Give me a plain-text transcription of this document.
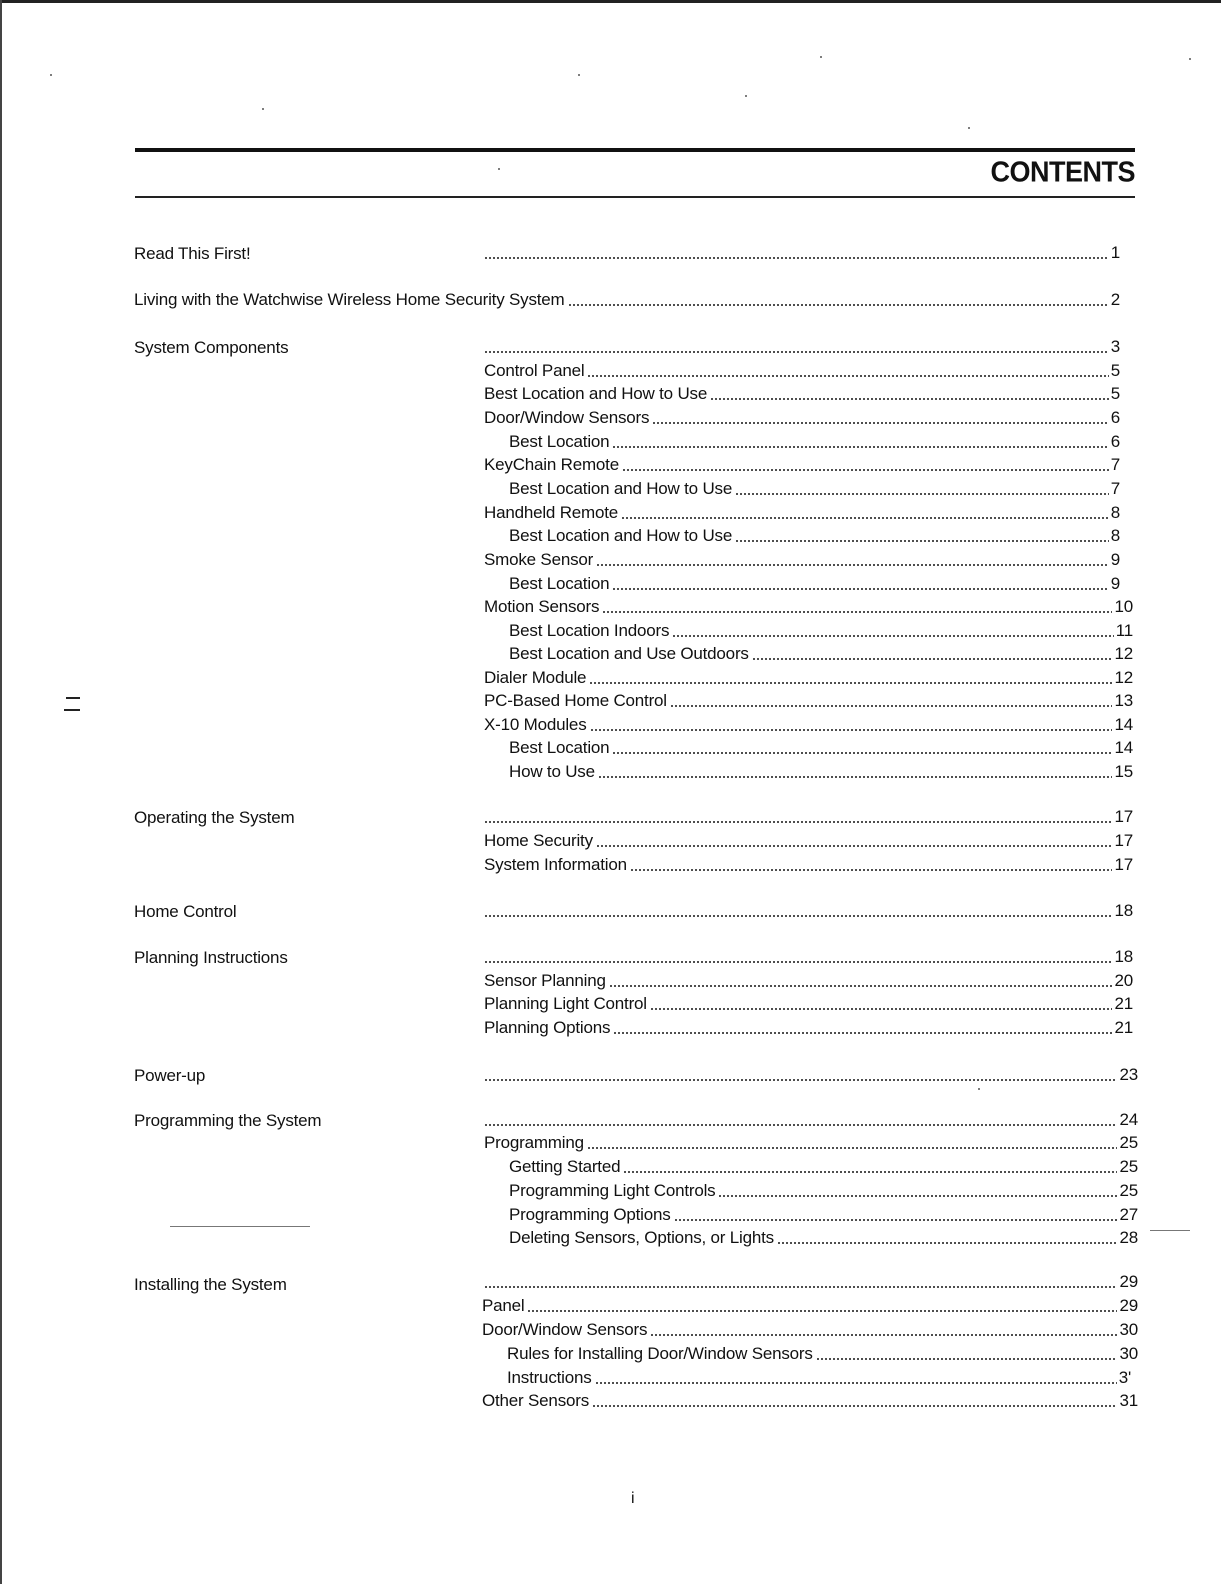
CONTENTS
Read This First!	1
Living with the Watchwise Wireless Home Security System	2
System Components	3
Control Panel	5
Best Location and How to Use	5
Door/Window Sensors	6
Best Location	6
KeyChain Remote	7
Best Location and How to Use	7
Handheld Remote	8
Best Location and How to Use	8
Smoke Sensor	9
Best Location	9
Motion Sensors	10
Best Location Indoors	11
Best Location and Use Outdoors	12
Dialer Module	12
PC-Based Home Control	13
X-10 Modules	14
Best Location	14
How to Use	15
Operating the System	17
Home Security	17
System Information	17
Home Control	18
Planning Instructions	18
Sensor Planning	20
Planning Light Control	21
Planning Options	21
Power-up	23
Programming the System	24
Programming	25
Getting Started	25
Programming Light Controls	25
Programming Options	27
Deleting Sensors, Options, or Lights	28
Installing the System	29
Panel	29
Door/Window Sensors	30
Rules for Installing Door/Window Sensors	30
Instructions	3'
Other Sensors	31
i
